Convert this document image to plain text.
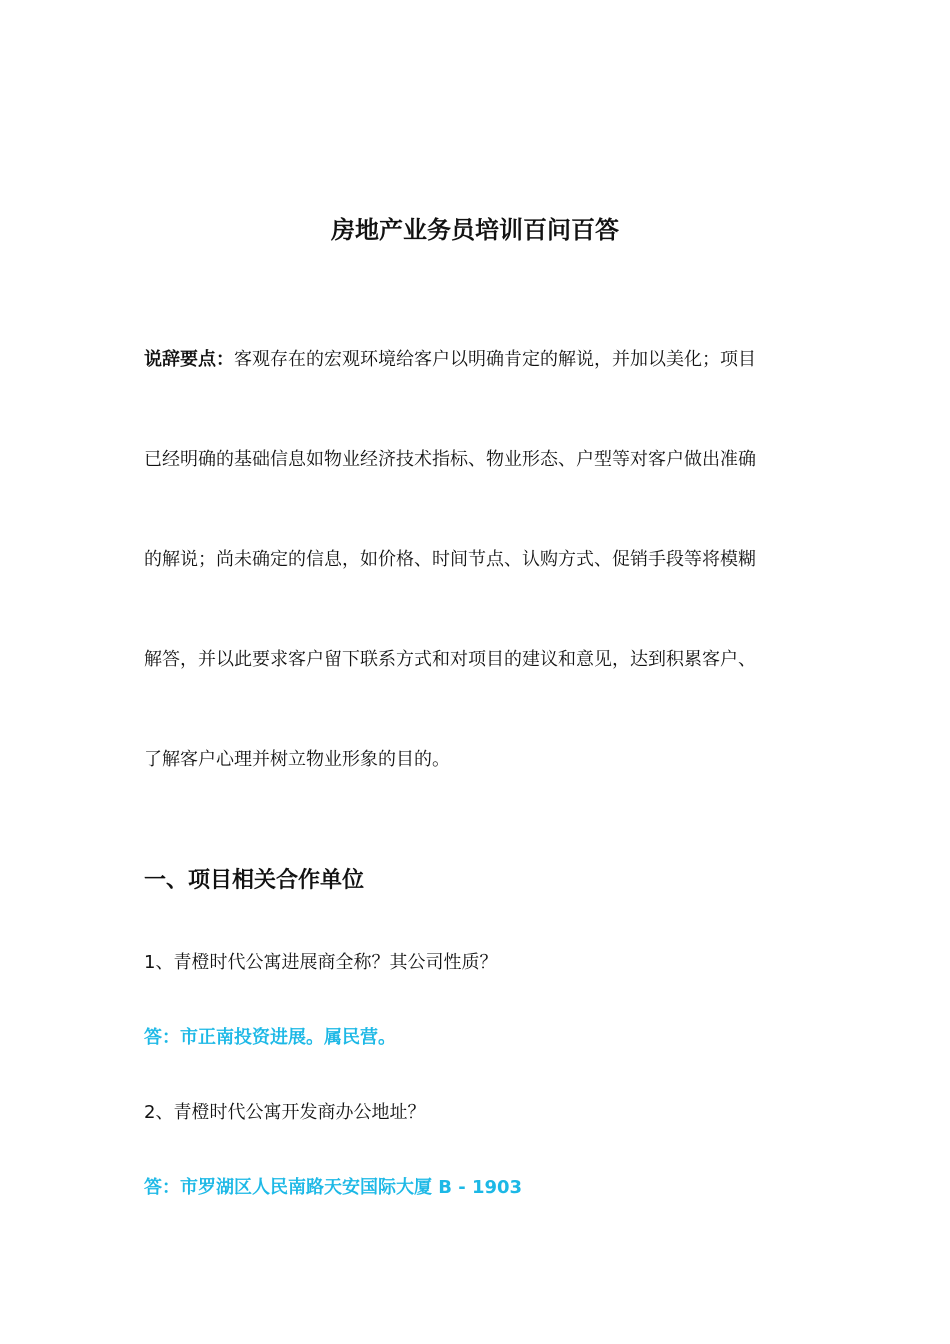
房地产业务员培训百问百答
说辞要点：客观存在的宏观环境给客户以明确肯定的解说，并加以美化；项目
已经明确的基础信息如物业经济技术指标、物业形态、户型等对客户做出准确
的解说；尚未确定的信息，如价格、时间节点、认购方式、促销手段等将模糊
解答，并以此要求客户留下联系方式和对项目的建议和意见，达到积累客户、
了解客户心理并树立物业形象的目的。
一、项目相关合作单位
1、青橙时代公寓进展商全称？其公司性质？
答：市正南投资进展。属民营。
2、青橙时代公寓开发商办公地址？
答：市罗湖区人民南路天安国际大厦 B - 1903
